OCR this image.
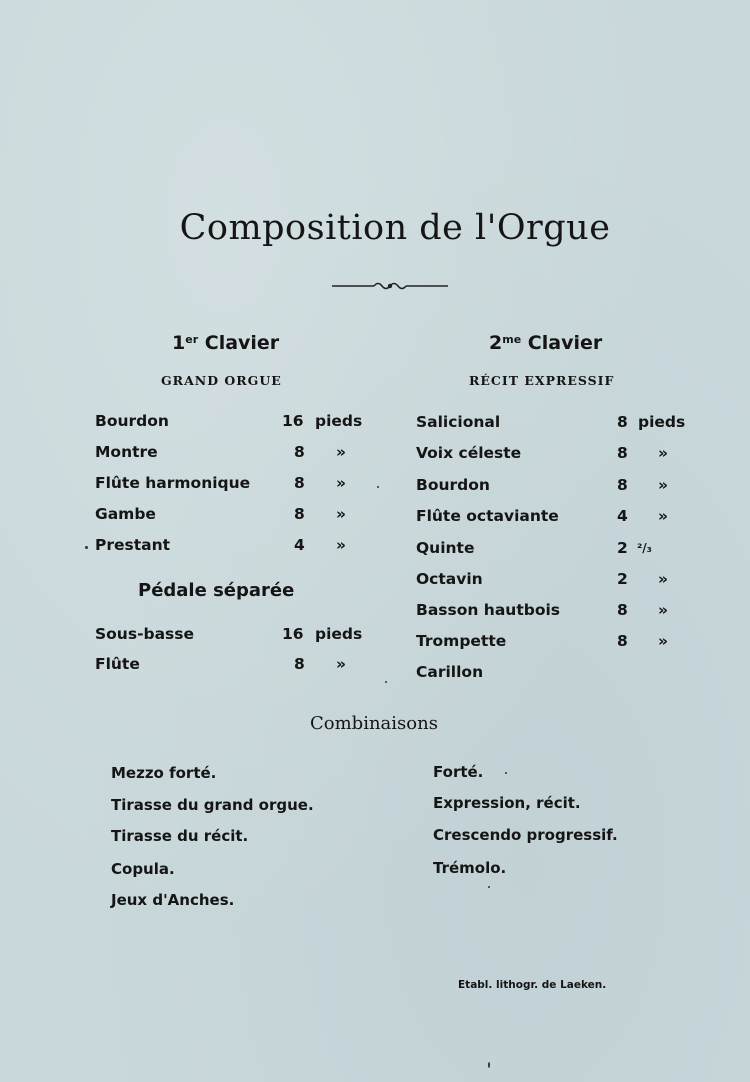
Composition de l'Orgue
1er Clavier
GRAND ORGUE
Bourdon	16 pieds
Montre	8 »
Flûte harmonique	8 »
Gambe	8 »
Prestant	4 »
Pédale séparée
Sous-basse	16 pieds
Flûte	8 »
$2^{me}$ Clavier
RÉCIT EXPRESSIF
Salicional	8 pieds
Voix céleste	8 »
Bourdon	8 »
Flûte octaviante	4 »
Quinte	2 ²/₃
Octavin	2 »
Basson hautbois	8 »
Trompette	8 »
Carillon
Combinaisons
Mezzo forté.
Tirasse du grand orgue.
Tirasse du récit.
Copula.
Jeux d'Anches.
Forté.
Expression, récit.
Crescendo progressif.
Trémolo.
Etabl. lithogr. de Laeken.
